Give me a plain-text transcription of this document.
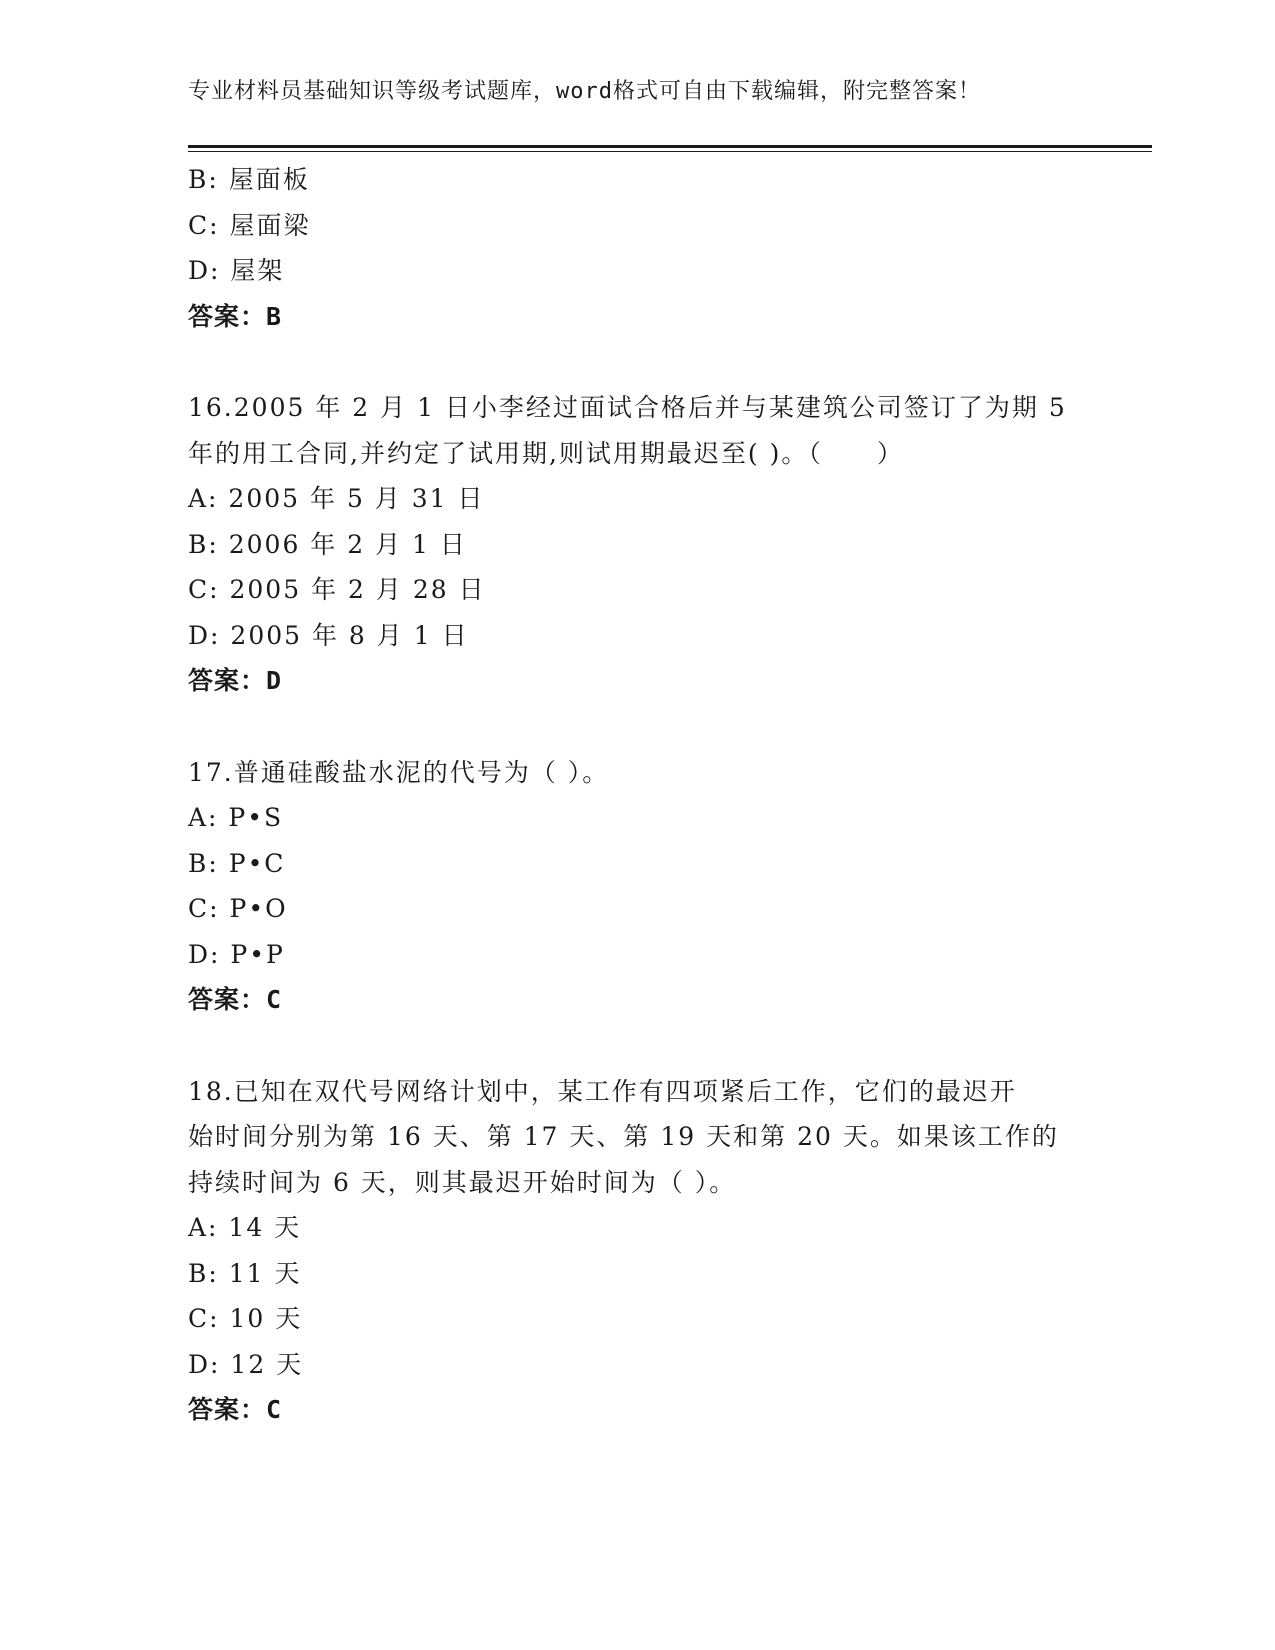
专业材料员基础知识等级考试题库，word格式可自由下载编辑，附完整答案！
B: 屋面板
C: 屋面梁
D: 屋架
答案：B
16.2005 年 2 月 1 日小李经过面试合格后并与某建筑公司签订了为期 5
年的用工合同,并约定了试用期,则试用期最迟至( )。（　　）
A: 2005 年 5 月 31 日
B: 2006 年 2 月 1 日
C: 2005 年 2 月 28 日
D: 2005 年 8 月 1 日
答案：D
17.普通硅酸盐水泥的代号为（ ）。
A: P•S
B: P•C
C: P•O
D: P•P
答案：C
18.已知在双代号网络计划中，某工作有四项紧后工作，它们的最迟开
始时间分别为第 16 天、第 17 天、第 19 天和第 20 天。如果该工作的
持续时间为 6 天，则其最迟开始时间为（ ）。
A: 14 天
B: 11 天
C: 10 天
D: 12 天
答案：C
